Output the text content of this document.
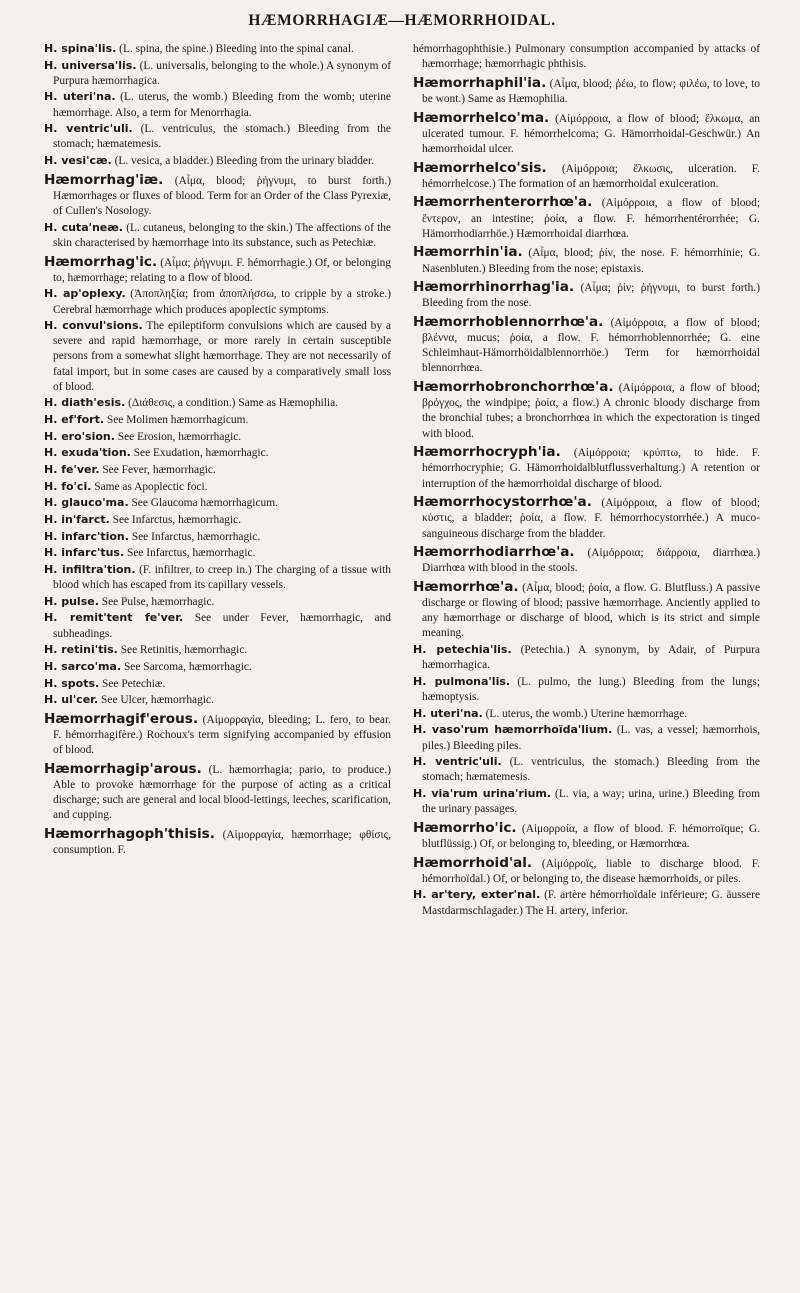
HÆMORRHAGIÆ—HÆMORRHOIDAL.

H. spina'lis. (L. spina, the spine.) Bleeding into the spinal canal.

H. universa'lis. (L. universalis, belonging to the whole.) A synonym of Purpura hæmorrhagica.

H. uteri'na. (L. uterus, the womb.) Bleeding from the womb; uterine hæmorrhage. Also, a term for Menorrhagia.

H. ventric'uli. (L. ventriculus, the stomach.) Bleeding from the stomach; hæmatemesis.

H. vesi'cæ. (L. vesica, a bladder.) Bleeding from the urinary bladder.

Hæmorrhag'iæ. (Αἷμα, blood; ῥήγνυμι, to burst forth.) Hæmorrhages or fluxes of blood. Term for an Order of the Class Pyrexiæ, of Cullen's Nosology.

H. cuta'neæ. (L. cutaneus, belonging to the skin.) The affections of the skin characterised by hæmorrhage into its substance, such as Petechiæ.

Hæmorrhag'ic. (Αἷμα; ῥήγνυμι. F. hémorrhagie.) Of, or belonging to, hæmorrhage; relating to a flow of blood.

H. ap'oplexy. (Ἀποπληξία; from ἀποπλήσσω, to cripple by a stroke.) Cerebral hæmorrhage which produces apoplectic symptoms.

H. convul'sions. The epileptiform convulsions which are caused by a severe and rapid hæmorrhage, or more rarely in certain susceptible persons from a somewhat slight hæmorrhage. They are not necessarily of fatal import, but in some cases are caused by a comparatively small loss of blood.

H. diath'esis. (Διάθεσις, a condition.) Same as Hæmophilia.

H. ef'fort. See Molimen hæmorrhagicum.

H. ero'sion. See Erosion, hæmorrhagic.

H. exuda'tion. See Exudation, hæmorrhagic.

H. fe'ver. See Fever, hæmorrhagic.

H. fo'ci. Same as Apoplectic foci.

H. glauco'ma. See Glaucoma hæmorrhagicum.

H. in'farct. See Infarctus, hæmorrhagic.

H. infarc'tion. See Infarctus, hæmorrhagic.

H. infarc'tus. See Infarctus, hæmorrhagic.

H. infiltra'tion. (F. infiltrer, to creep in.) The charging of a tissue with blood which has escaped from its capillary vessels.

H. pulse. See Pulse, hæmorrhagic.

H. remit'tent fe'ver. See under Fever, hæmorrhagic, and subheadings.

H. retini'tis. See Retinitis, hæmorrhagic.

H. sarco'ma. See Sarcoma, hæmorrhagic.

H. spots. See Petechiæ.

H. ul'cer. See Ulcer, hæmorrhagic.

Hæmorrhagif'erous. (Αἱμορραγία, bleeding; L. fero, to bear. F. hémorrhagifère.) Rochoux's term signifying accompanied by effusion of blood.

Hæmorrhagip'arous. (L. hæmorrhagia; pario, to produce.) Able to provoke hæmorrhage for the purpose of acting as a critical discharge; such are general and local blood-lettings, leeches, scarification, and cupping.

Hæmorrhagoph'thisis. (Αἱμορραγία, hæmorrhage; φθίσις, consumption. F.

hémorrhagophthisie.) Pulmonary consumption accompanied by attacks of hæmorrhage; hæmorrhagic phthisis.

Hæmorrhaphil'ia. (Αἷμα, blood; ῥέω, to flow; φιλέω, to love, to be wont.) Same as Hæmophilia.

Hæmorrhelco'ma. (Αἱμόρροια, a flow of blood; ἕλκωμα, an ulcerated tumour. F. hémorrhelcoma; G. Hämorrhoidal-Geschwür.) An hæmorrhoidal ulcer.

Hæmorrhelco'sis. (Αἱμόρροια; ἕλκωσις, ulceration. F. hémorrhelcose.) The formation of an hæmorrhoidal exulceration.

Hæmorrhenterorrhœ'a. (Αἱμόρροια, a flow of blood; ἔντερον, an intestine; ῥοία, a flow. F. hémorrhentérorrhée; G. Hämorrhodiarrhöe.) Hæmorrhoidal diarrhœa.

Hæmorrhin'ia. (Αἷμα, blood; ῥίν, the nose. F. hémorrhinie; G. Nasenbluten.) Bleeding from the nose; epistaxis.

Hæmorrhinorrhag'ia. (Αἷμα; ῥίν; ῥήγνυμι, to burst forth.) Bleeding from the nose.

Hæmorrhoblennorrhœ'a. (Αἱμόρροια, a flow of blood; βλέννα, mucus; ῥοία, a flow. F. hémorrhoblennorrhée; G. eine Schleimhaut-Hämorrhöidalblennorrhöe.) Term for hæmorrhoidal blennorrhœa.

Hæmorrhobronchorrhœ'a. (Αἱμόρροια, a flow of blood; βρόγχος, the windpipe; ῥοία, a flow.) A chronic bloody discharge from the bronchial tubes; a bronchorrhœa in which the expectoration is tinged with blood.

Hæmorrhocryph'ia. (Αἱμόρροια; κρύπτω, to hide. F. hémorrhocryphie; G. Hämorrhoidalblutflussverhaltung.) A retention or interruption of the hæmorrhoidal discharge of blood.

Hæmorrhocystorrhœ'a. (Αἱμόρροια, a flow of blood; κύστις, a bladder; ῥοία, a flow. F. hémorrhocystorrhée.) A muco-sanguineous discharge from the bladder.

Hæmorrhodiarrhœ'a. (Αἱμόρροια; διάρροια, diarrhœa.) Diarrhœa with blood in the stools.

Hæmorrhœ'a. (Αἷμα, blood; ῥοία, a flow. G. Blutfluss.) A passive discharge or flowing of blood; passive hæmorrhage. Anciently applied to any hæmorrhage or discharge of blood, which is its strict and simple meaning.

H. petechia'lis. (Petechia.) A synonym, by Adair, of Purpura hæmorrhagica.

H. pulmona'lis. (L. pulmo, the lung.) Bleeding from the lungs; hæmoptysis.

H. uteri'na. (L. uterus, the womb.) Uterine hæmorrhage.

H. vaso'rum hæmorrhoïda'lium. (L. vas, a vessel; hæmorrhois, piles.) Bleeding piles.

H. ventric'uli. (L. ventriculus, the stomach.) Bleeding from the stomach; hæmatemesis.

H. via'rum urina'rium. (L. via, a way; urina, urine.) Bleeding from the urinary passages.

Hæmorrho'ic. (Αἱμορροία, a flow of blood. F. hémorroïque; G. blutflüssig.) Of, or belonging to, bleeding, or Hæmorrhœa.

Hæmorrhoid'al. (Αἱμόρροϊς, liable to discharge blood. F. hémorrhoïdal.) Of, or belonging to, the disease hæmorrhoids, or piles.

H. ar'tery, exter'nal. (F. artère hémorrhoïdale inférieure; G. äussere Mastdarmschlagader.) The H. artery, inferior.
